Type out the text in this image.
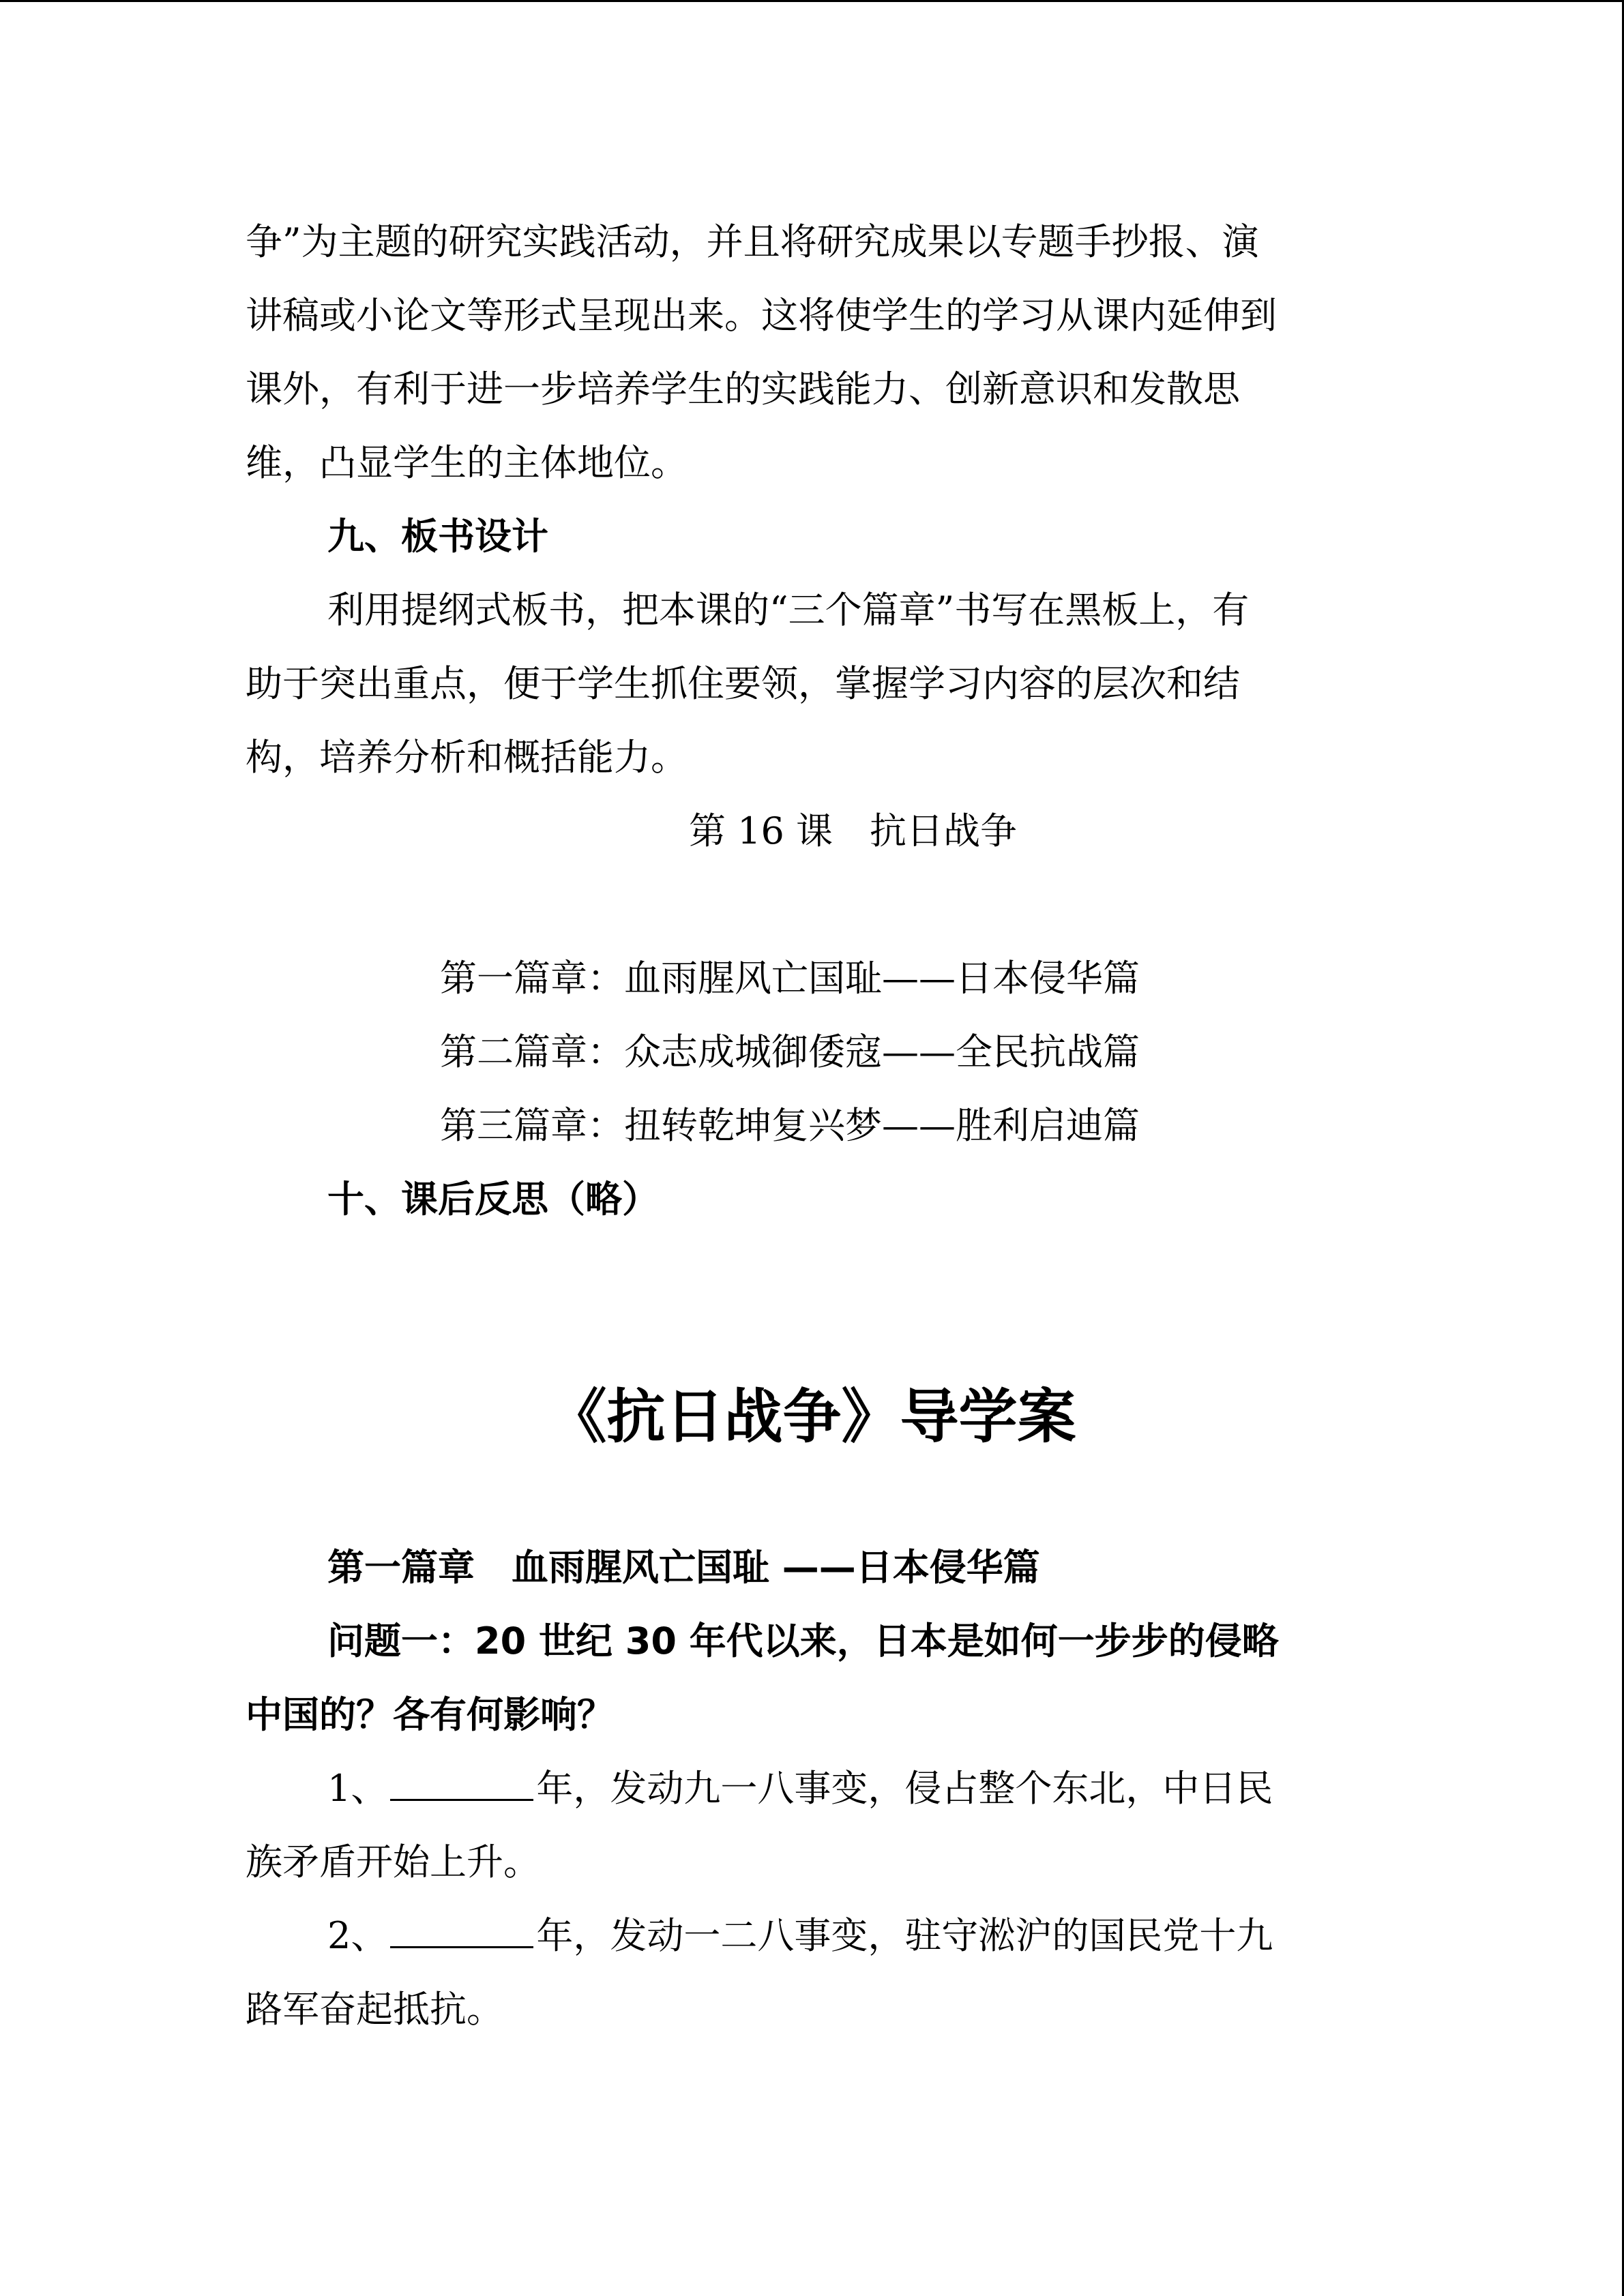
争”为主题的研究实践活动，并且将研究成果以专题手抄报、演
讲稿或小论文等形式呈现出来。这将使学生的学习从课内延伸到
课外，有利于进一步培养学生的实践能力、创新意识和发散思
维，凸显学生的主体地位。
九、板书设计
利用提纲式板书，把本课的“三个篇章”书写在黑板上，有
助于突出重点，便于学生抓住要领，掌握学习内容的层次和结
构，培养分析和概括能力。
第 16 课　抗日战争
第一篇章：血雨腥风亡国耻——日本侵华篇
第二篇章：众志成城御倭寇——全民抗战篇
第三篇章：扭转乾坤复兴梦——胜利启迪篇
十、课后反思（略）
《抗日战争》导学案
第一篇章　血雨腥风亡国耻 ——日本侵华篇
问题一：20 世纪 30 年代以来，日本是如何一步步的侵略
中国的？各有何影响？
1、	年，发动九一八事变，侵占整个东北，中日民
族矛盾开始上升。
2、	年，发动一二八事变，驻守淞沪的国民党十九
路军奋起抵抗。
